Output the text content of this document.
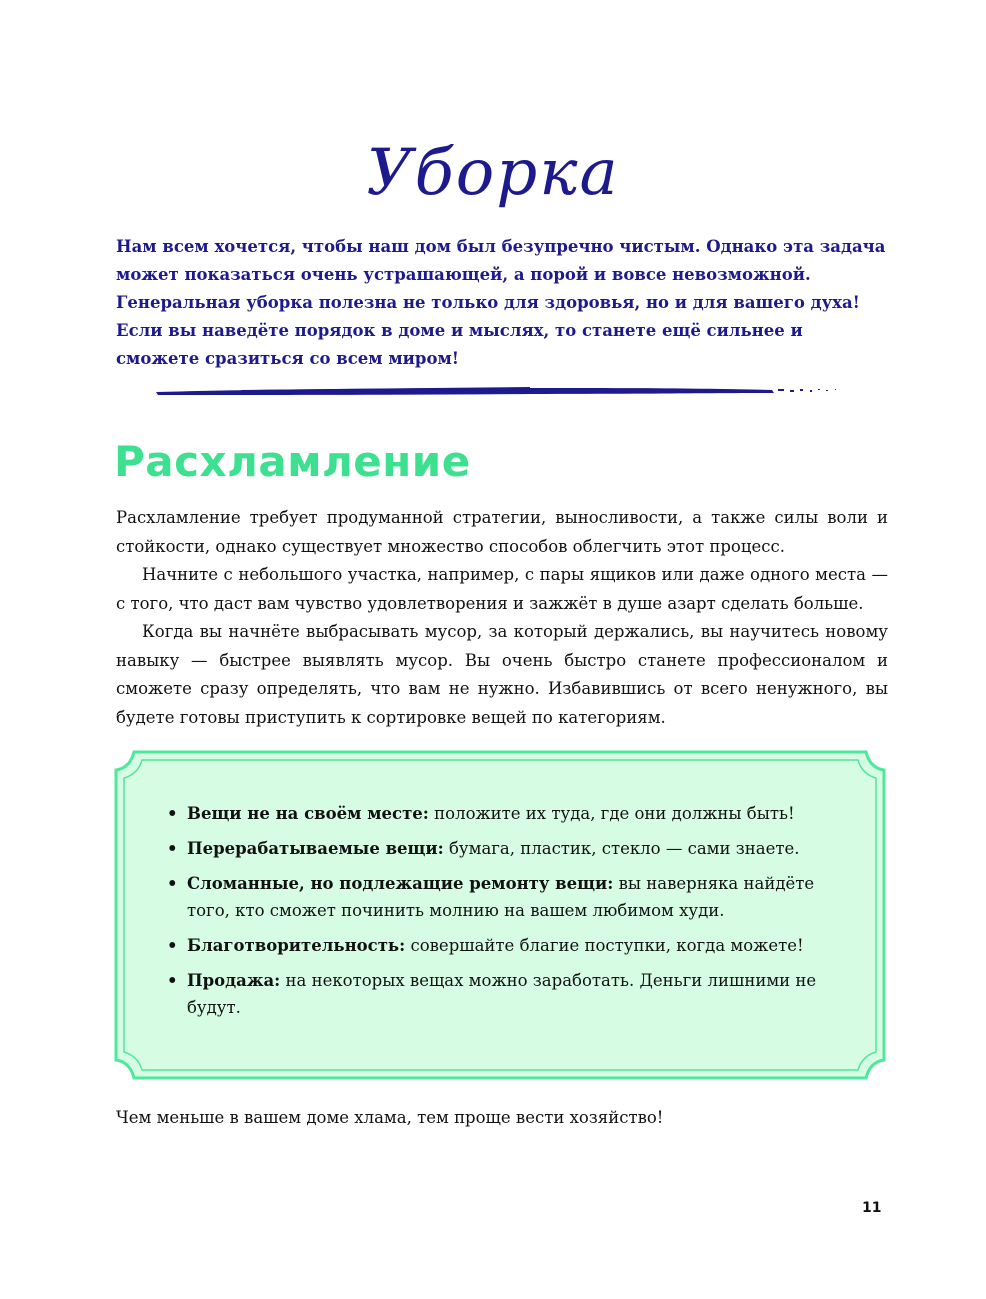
Уборка

Нам всем хочется, чтобы наш дом был безупречно чистым. Однако эта задача может показаться очень устрашающей, а порой и вовсе невозможной. Генеральная уборка полезна не только для здоровья, но и для вашего духа! Если вы наведёте порядок в доме и мыслях, то станете ещё сильнее и сможете сразиться со всем миром!

Расхламление

Расхламление требует продуманной стратегии, выносливости, а также силы воли и стойкости, однако существует множество способов облегчить этот процесс.

Начните с небольшого участка, например, с пары ящиков или даже одного места — с того, что даст вам чувство удовлетворения и зажжёт в душе азарт сделать больше.

Когда вы начнёте выбрасывать мусор, за который держались, вы научитесь новому навыку — быстрее выявлять мусор. Вы очень быстро станете профессионалом и сможете сразу определять, что вам не нужно. Избавившись от всего ненужного, вы будете готовы приступить к сортировке вещей по категориям.

• Вещи не на своём месте: положите их туда, где они должны быть!
• Перерабатываемые вещи: бумага, пластик, стекло — сами знаете.
• Сломанные, но подлежащие ремонту вещи: вы наверняка найдёте того, кто сможет починить молнию на вашем любимом худи.
• Благотворительность: совершайте благие поступки, когда можете!
• Продажа: на некоторых вещах можно заработать. Деньги лишними не будут.

Чем меньше в вашем доме хлама, тем проще вести хозяйство!

11
